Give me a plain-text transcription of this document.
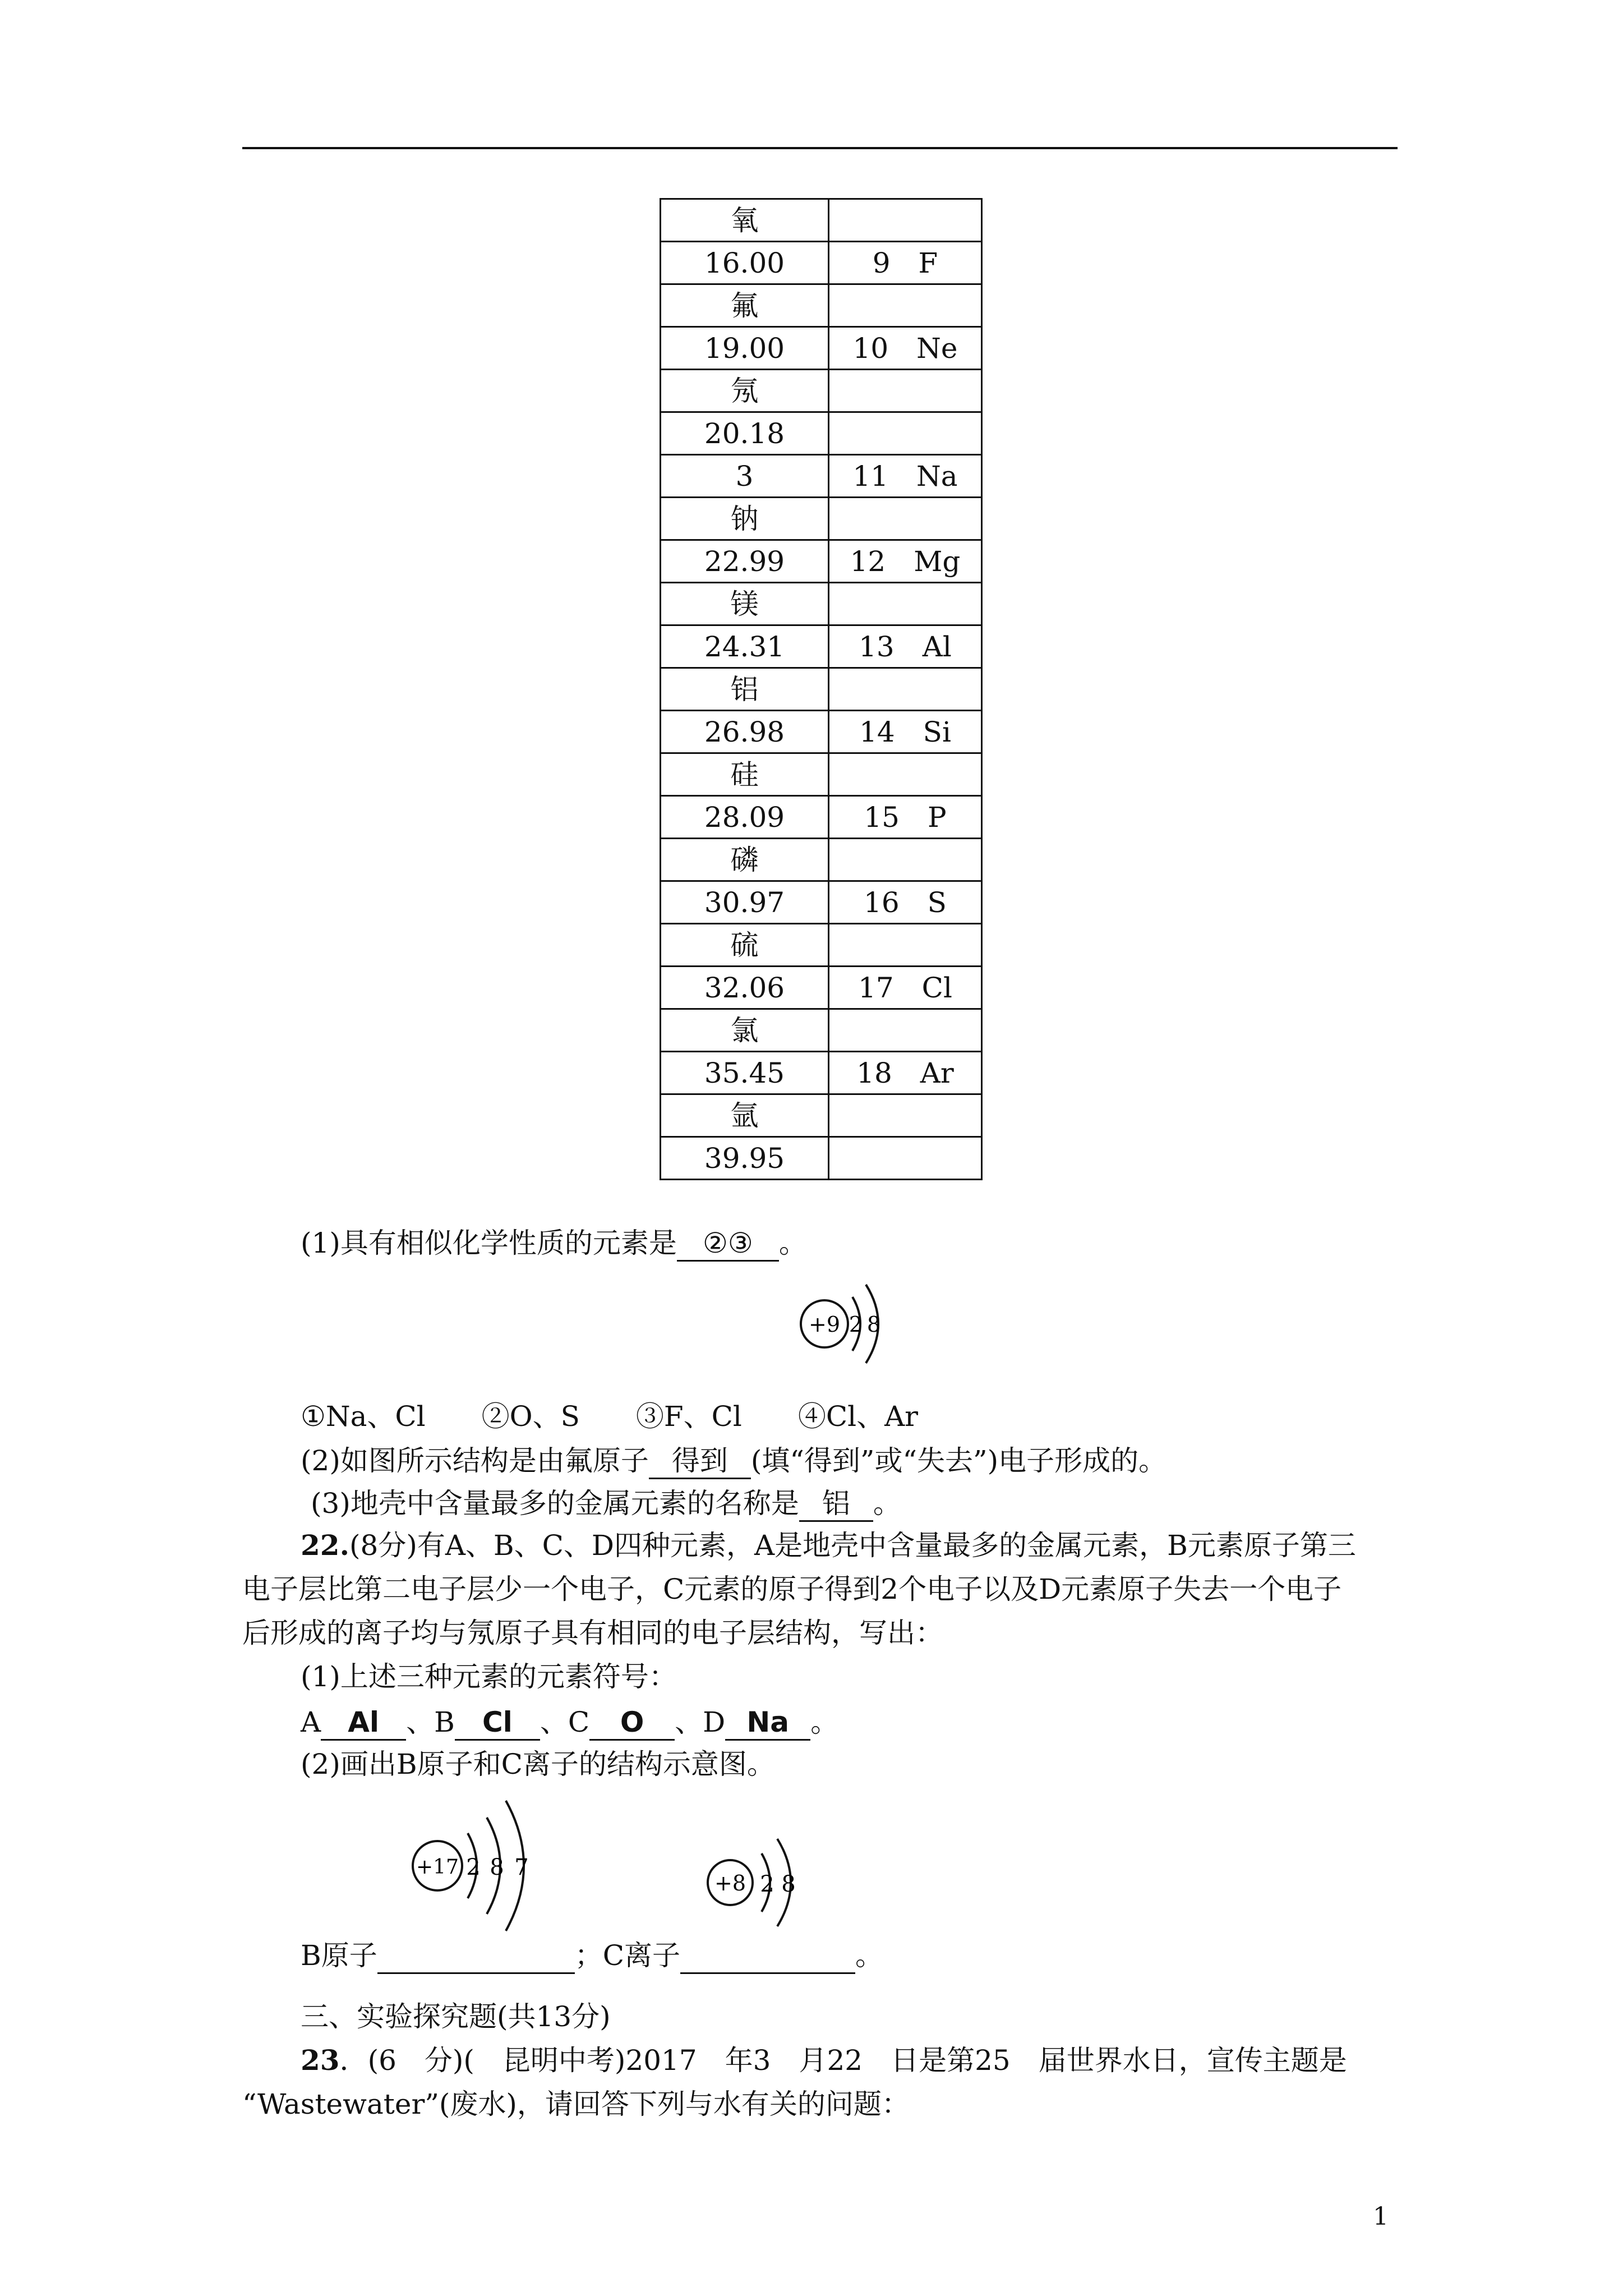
氧	
16.00	9　F
氟	
19.00	10　Ne
氖	
20.18	
3	11　Na
钠	
22.99	12　Mg
镁	
24.31	13　Al
铝	
26.98	14　Si
硅	
28.09	15　P
磷	
30.97	16　S
硫	
32.06	17　Cl
氯	
35.45	18　Ar
氩	
39.95	
(1)具有相似化学性质的元素是 ②③ 。
+9 2 8
①Na、Cl　　②O、S　　③F、Cl　　④Cl、Ar
(2)如图所示结构是由氟原子 得到 (填“得到”或“失去”)电子形成的。
(3)地壳中含量最多的金属元素的名称是 铝 。
22.(8分)有A、B、C、D四种元素，A是地壳中含量最多的金属元素，B元素原子第三
电子层比第二电子层少一个电子，C元素的原子得到2个电子以及D元素原子失去一个电子
后形成的离子均与氖原子具有相同的电子层结构，写出：
(1)上述三种元素的元素符号：
A Al 、B Cl 、C O 、D Na 。
(2)画出B原子和C离子的结构示意图。
+17 2 8 7
+8 2 8
B原子	；C离子	。
三、实验探究题(共13分)
23．(6　分)(　昆明中考)2017　年3　月22　日是第25　届世界水日，宣传主题是
“Wastewater”(废水)，请回答下列与水有关的问题：
1
